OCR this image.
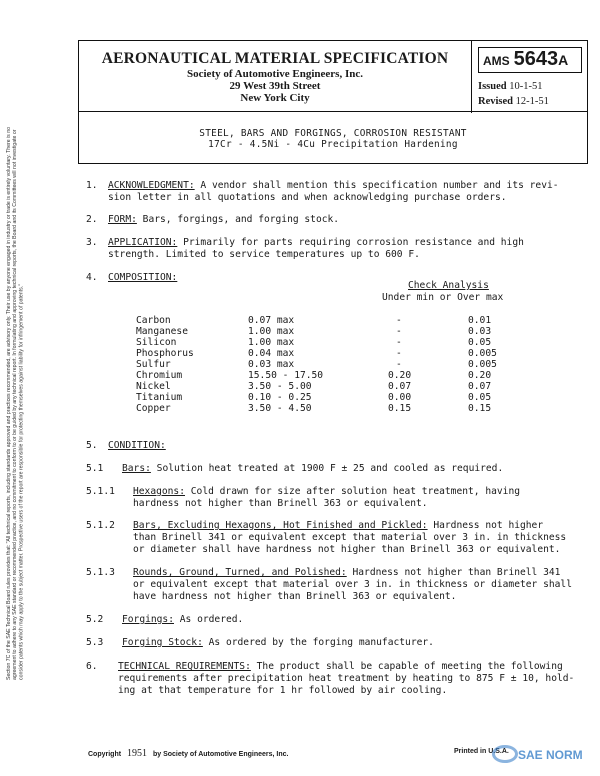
Section 7C of the SAE Technical Board rules provides that: "All technical reports, including standards approved and practices recommended, are advisory only. Their use by anyone engaged in industry or trade is entirely voluntary. There is no agreement to adhere to any SAE standard or recommended practice, and no commitment to conform to or be guided by any technical report. In formulating and approving technical reports, the Board and its Committees will not investigate or consider patents which may apply to the subject matter. Prospective users of the report are responsible for protecting themselves against liability for infringement of patents."
AERONAUTICAL MATERIAL SPECIFICATION
Society of Automotive Engineers, Inc.
29 West 39th Street
New York City
AMS 5643 A
Issued 10-1-51
Revised 12-1-51
STEEL, BARS AND FORGINGS, CORROSION RESISTANT
17Cr - 4.5Ni - 4Cu Precipitation Hardening
1. ACKNOWLEDGMENT: A vendor shall mention this specification number and its revi-
sion letter in all quotations and when acknowledging purchase orders.
2. FORM: Bars, forgings, and forging stock.
3. APPLICATION: Primarily for parts requiring corrosion resistance and high
strength. Limited to service temperatures up to 600 F.
4. COMPOSITION:
Check Analysis
Under min or Over max
Carbon	0.07 max	-	0.01
Manganese	1.00 max	-	0.03
Silicon	1.00 max	-	0.05
Phosphorus	0.04 max	-	0.005
Sulfur	0.03 max	-	0.005
Chromium	15.50 - 17.50	0.20	0.20
Nickel	3.50 - 5.00	0.07	0.07
Titanium	0.10 - 0.25	0.00	0.05
Copper	3.50 - 4.50	0.15	0.15
5. CONDITION:
5.1 Bars: Solution heat treated at 1900 F ± 25 and cooled as required.
5.1.1 Hexagons: Cold drawn for size after solution heat treatment, having
hardness not higher than Brinell 363 or equivalent.
5.1.2 Bars, Excluding Hexagons, Hot Finished and Pickled: Hardness not higher
than Brinell 341 or equivalent except that material over 3 in. in thickness
or diameter shall have hardness not higher than Brinell 363 or equivalent.
5.1.3 Rounds, Ground, Turned, and Polished: Hardness not higher than Brinell 341
or equivalent except that material over 3 in. in thickness or diameter shall
have hardness not higher than Brinell 363 or equivalent.
5.2 Forgings: As ordered.
5.3 Forging Stock: As ordered by the forging manufacturer.
6. TECHNICAL REQUIREMENTS: The product shall be capable of meeting the following
requirements after precipitation heat treatment by heating to 875 F ± 10, hold-
ing at that temperature for 1 hr followed by air cooling.
Copyright 1951 by Society of Automotive Engineers, Inc.	Printed in U.S.A. SAE NORM
